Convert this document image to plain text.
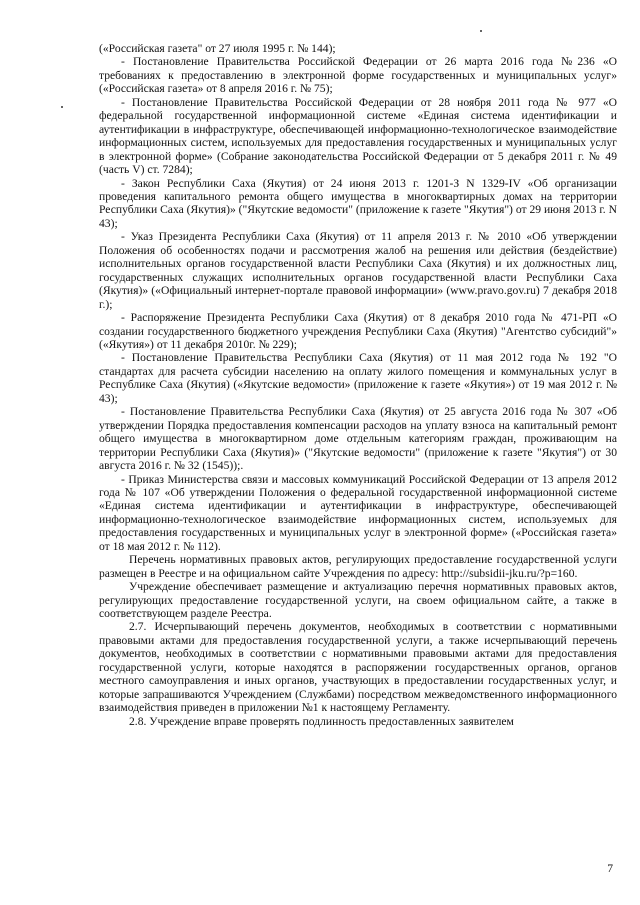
(«Российская газета" от 27 июля 1995 г. № 144);

- Постановление Правительства Российской Федерации от 26 марта 2016 года №236 «О требованиях к предоставлению в электронной форме государственных и муниципальных услуг» («Российская газета» от 8 апреля 2016 г. № 75);

- Постановление Правительства Российской Федерации от 28 ноября 2011 года № 977 «О федеральной государственной информационной системе «Единая система идентификации и аутентификации в инфраструктуре, обеспечивающей информационно-технологическое взаимодействие информационных систем, используемых для предоставления государственных и муниципальных услуг в электронной форме» (Собрание законодательства Российской Федерации от 5 декабря 2011 г. № 49 (часть V) ст. 7284);

- Закон Республики Саха (Якутия) от 24 июня 2013 г. 1201-З N 1329-IV «Об организации проведения капитального ремонта общего имущества в многоквартирных домах на территории Республики Саха (Якутия)» ("Якутские ведомости" (приложение к газете "Якутия") от 29 июня 2013 г. N 43);

- Указ Президента Республики Саха (Якутия) от 11 апреля 2013 г. № 2010 «Об утверждении Положения об особенностях подачи и рассмотрения жалоб на решения или действия (бездействие) исполнительных органов государственной власти Республики Саха (Якутия) и их должностных лиц, государственных служащих исполнительных органов государственной власти Республики Саха (Якутия)» («Официальный интернет-портале правовой информации» (www.pravo.gov.ru) 7 декабря 2018 г.);

- Распоряжение Президента Республики Саха (Якутия) от 8 декабря 2010 года № 471-РП «О создании государственного бюджетного учреждения Республики Саха (Якутия) "Агентство субсидий"» («Якутия») от 11 декабря 2010г. № 229);

- Постановление Правительства Республики Саха (Якутия) от 11 мая 2012 года № 192 "О стандартах для расчета субсидии населению на оплату жилого помещения и коммунальных услуг в Республике Саха (Якутия) («Якутские ведомости» (приложение к газете «Якутия») от 19 мая 2012 г. № 43);

- Постановление Правительства Республики Саха (Якутия) от 25 августа 2016 года № 307 «Об утверждении Порядка предоставления компенсации расходов на уплату взноса на капитальный ремонт общего имущества в многоквартирном доме отдельным категориям граждан, проживающим на территории Республики Саха (Якутия)» ("Якутские ведомости" (приложение к газете "Якутия") от 30 августа 2016 г. № 32 (1545));.

- Приказ Министерства связи и массовых коммуникаций Российской Федерации от 13 апреля 2012 года № 107 «Об утверждении Положения о федеральной государственной информационной системе «Единая система идентификации и аутентификации в инфраструктуре, обеспечивающей информационно-технологическое взаимодействие информационных систем, используемых для предоставления государственных и муниципальных услуг в электронной форме» («Российская газета» от 18 мая 2012 г. № 112).

Перечень нормативных правовых актов, регулирующих предоставление государственной услуги размещен в Реестре и на официальном сайте Учреждения по адресу: http://subsidii-jku.ru/?p=160.

Учреждение обеспечивает размещение и актуализацию перечня нормативных правовых актов, регулирующих предоставление государственной услуги, на своем официальном сайте, а также в соответствующем разделе Реестра.

2.7. Исчерпывающий перечень документов, необходимых в соответствии с нормативными правовыми актами для предоставления государственной услуги, а также исчерпывающий перечень документов, необходимых в соответствии с нормативными правовыми актами для предоставления государственной услуги, которые находятся в распоряжении государственных органов, органов местного самоуправления и иных органов, участвующих в предоставлении государственных услуг, и которые запрашиваются Учреждением (Службами) посредством межведомственного информационного взаимодействия приведен в приложении №1 к настоящему Регламенту.

2.8. Учреждение вправе проверять подлинность предоставленных заявителем

7
